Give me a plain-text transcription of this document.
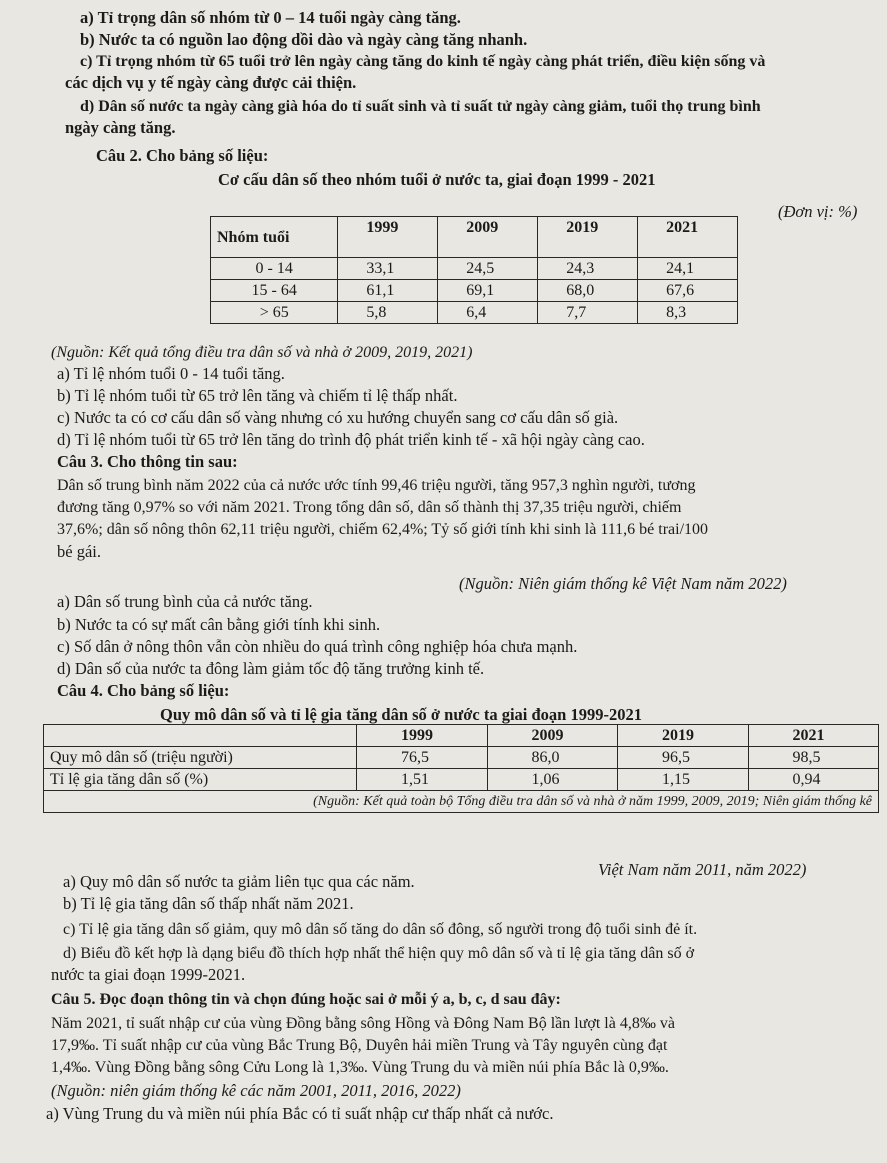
a) Tỉ trọng dân số nhóm từ 0 – 14 tuổi ngày càng tăng.
b) Nước ta có nguồn lao động dồi dào và ngày càng tăng nhanh.
c) Tỉ trọng nhóm từ 65 tuổi trở lên ngày càng tăng do kinh tế ngày càng phát triển, điều kiện sống và
các dịch vụ y tế ngày càng được cải thiện.
d) Dân số nước ta ngày càng già hóa do tỉ suất sinh và tỉ suất tử ngày càng giảm, tuổi thọ trung bình
ngày càng tăng.
Câu 2. Cho bảng số liệu:
Cơ cấu dân số theo nhóm tuổi ở nước ta, giai đoạn 1999 - 2021
(Đơn vị: %)
Nhóm tuổi	1999	2009	2019	2021
0 - 14	33,1	24,5	24,3	24,1
15 - 64	61,1	69,1	68,0	67,6
> 65	5,8	6,4	7,7	8,3
(Nguồn: Kết quả tổng điều tra dân số và nhà ở 2009, 2019, 2021)
a) Tỉ lệ nhóm tuổi 0 - 14 tuổi tăng.
b) Tỉ lệ nhóm tuổi từ 65 trở lên tăng và chiếm tỉ lệ thấp nhất.
c) Nước ta có cơ cấu dân số vàng nhưng có xu hướng chuyển sang cơ cấu dân số già.
d) Tỉ lệ nhóm tuổi từ 65 trở lên tăng do trình độ phát triển kinh tế - xã hội ngày càng cao.
Câu 3. Cho thông tin sau:
Dân số trung bình năm 2022 của cả nước ước tính 99,46 triệu người, tăng 957,3 nghìn người, tương
đương tăng 0,97% so với năm 2021. Trong tổng dân số, dân số thành thị 37,35 triệu người, chiếm
37,6%; dân số nông thôn 62,11 triệu người, chiếm 62,4%; Tỷ số giới tính khi sinh là 111,6 bé trai/100
bé gái.
(Nguồn: Niên giám thống kê Việt Nam năm 2022)
a) Dân số trung bình của cả nước tăng.
b) Nước ta có sự mất cân bằng giới tính khi sinh.
c) Số dân ở nông thôn vẫn còn nhiều do quá trình công nghiệp hóa chưa mạnh.
d) Dân số của nước ta đông làm giảm tốc độ tăng trưởng kinh tế.
Câu 4. Cho bảng số liệu:
Quy mô dân số và tỉ lệ gia tăng dân số ở nước ta giai đoạn 1999-2021
	1999	2009	2019	2021
Quy mô dân số (triệu người)	76,5	86,0	96,5	98,5
Tỉ lệ gia tăng dân số (%)	1,51	1,06	1,15	0,94
(Nguồn: Kết quả toàn bộ Tổng điều tra dân số và nhà ở năm 1999, 2009, 2019; Niên giám thống kê				
Việt Nam năm 2011, năm 2022)
a) Quy mô dân số nước ta giảm liên tục qua các năm.
b) Tỉ lệ gia tăng dân số thấp nhất năm 2021.
c) Tỉ lệ gia tăng dân số giảm, quy mô dân số tăng do dân số đông, số người trong độ tuổi sinh đẻ ít.
d) Biểu đồ kết hợp là dạng biểu đồ thích hợp nhất thể hiện quy mô dân số và tỉ lệ gia tăng dân số ở
nước ta giai đoạn 1999-2021.
Câu 5. Đọc đoạn thông tin và chọn đúng hoặc sai ở mỗi ý a, b, c, d sau đây:
Năm 2021, tỉ suất nhập cư của vùng Đồng bằng sông Hồng và Đông Nam Bộ lần lượt là 4,8‰ và
17,9‰. Tỉ suất nhập cư của vùng Bắc Trung Bộ, Duyên hải miền Trung và Tây nguyên cùng đạt
1,4‰. Vùng Đồng bằng sông Cửu Long là 1,3‰. Vùng Trung du và miền núi phía Bắc là 0,9‰.
(Nguồn: niên giám thống kê các năm 2001, 2011, 2016, 2022)
a) Vùng Trung du và miền núi phía Bắc có tỉ suất nhập cư thấp nhất cả nước.
